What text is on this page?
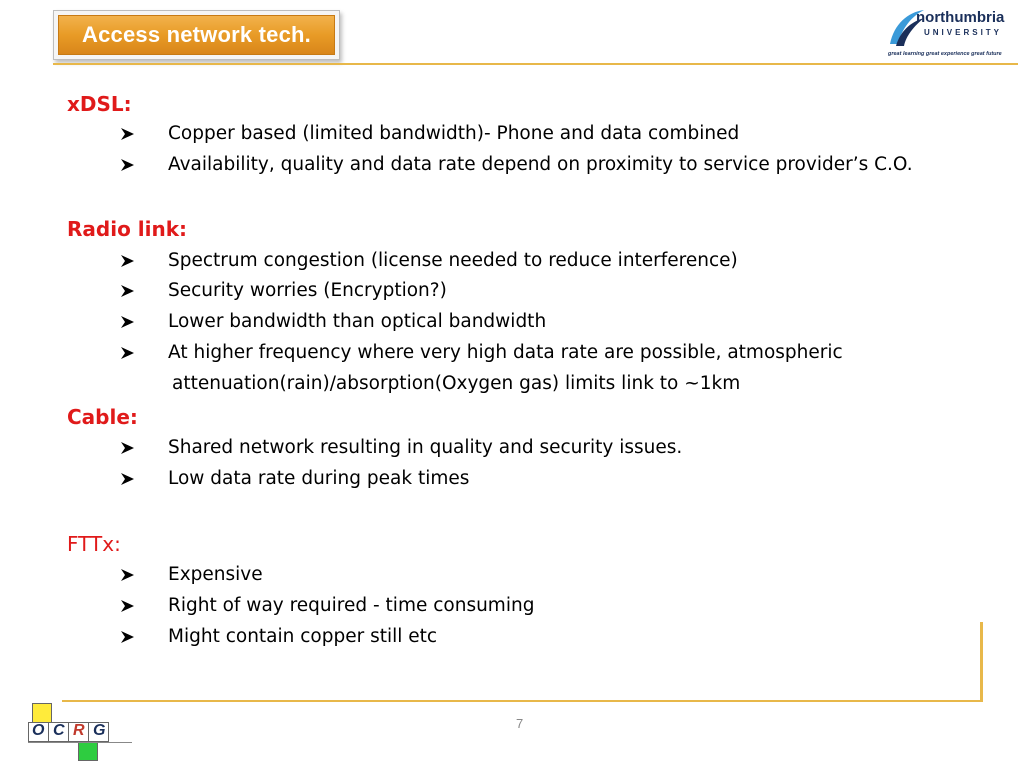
Access network tech.
northumbria
UNIVERSITY
great learning great experience great future
xDSL:
Copper based (limited bandwidth)- Phone and data combined
Availability, quality and data rate depend on proximity to service provider’s C.O.
Radio link:
Spectrum congestion (license needed to reduce interference)
Security worries (Encryption?)
Lower bandwidth than optical bandwidth
At higher frequency where very high data rate are possible, atmospheric
attenuation(rain)/absorption(Oxygen gas) limits link to ~1km
Cable:
Shared network resulting in quality and security issues.
Low data rate during peak times
FTTx:
Expensive
Right of way required - time consuming
Might contain copper still etc
7
O C R G
